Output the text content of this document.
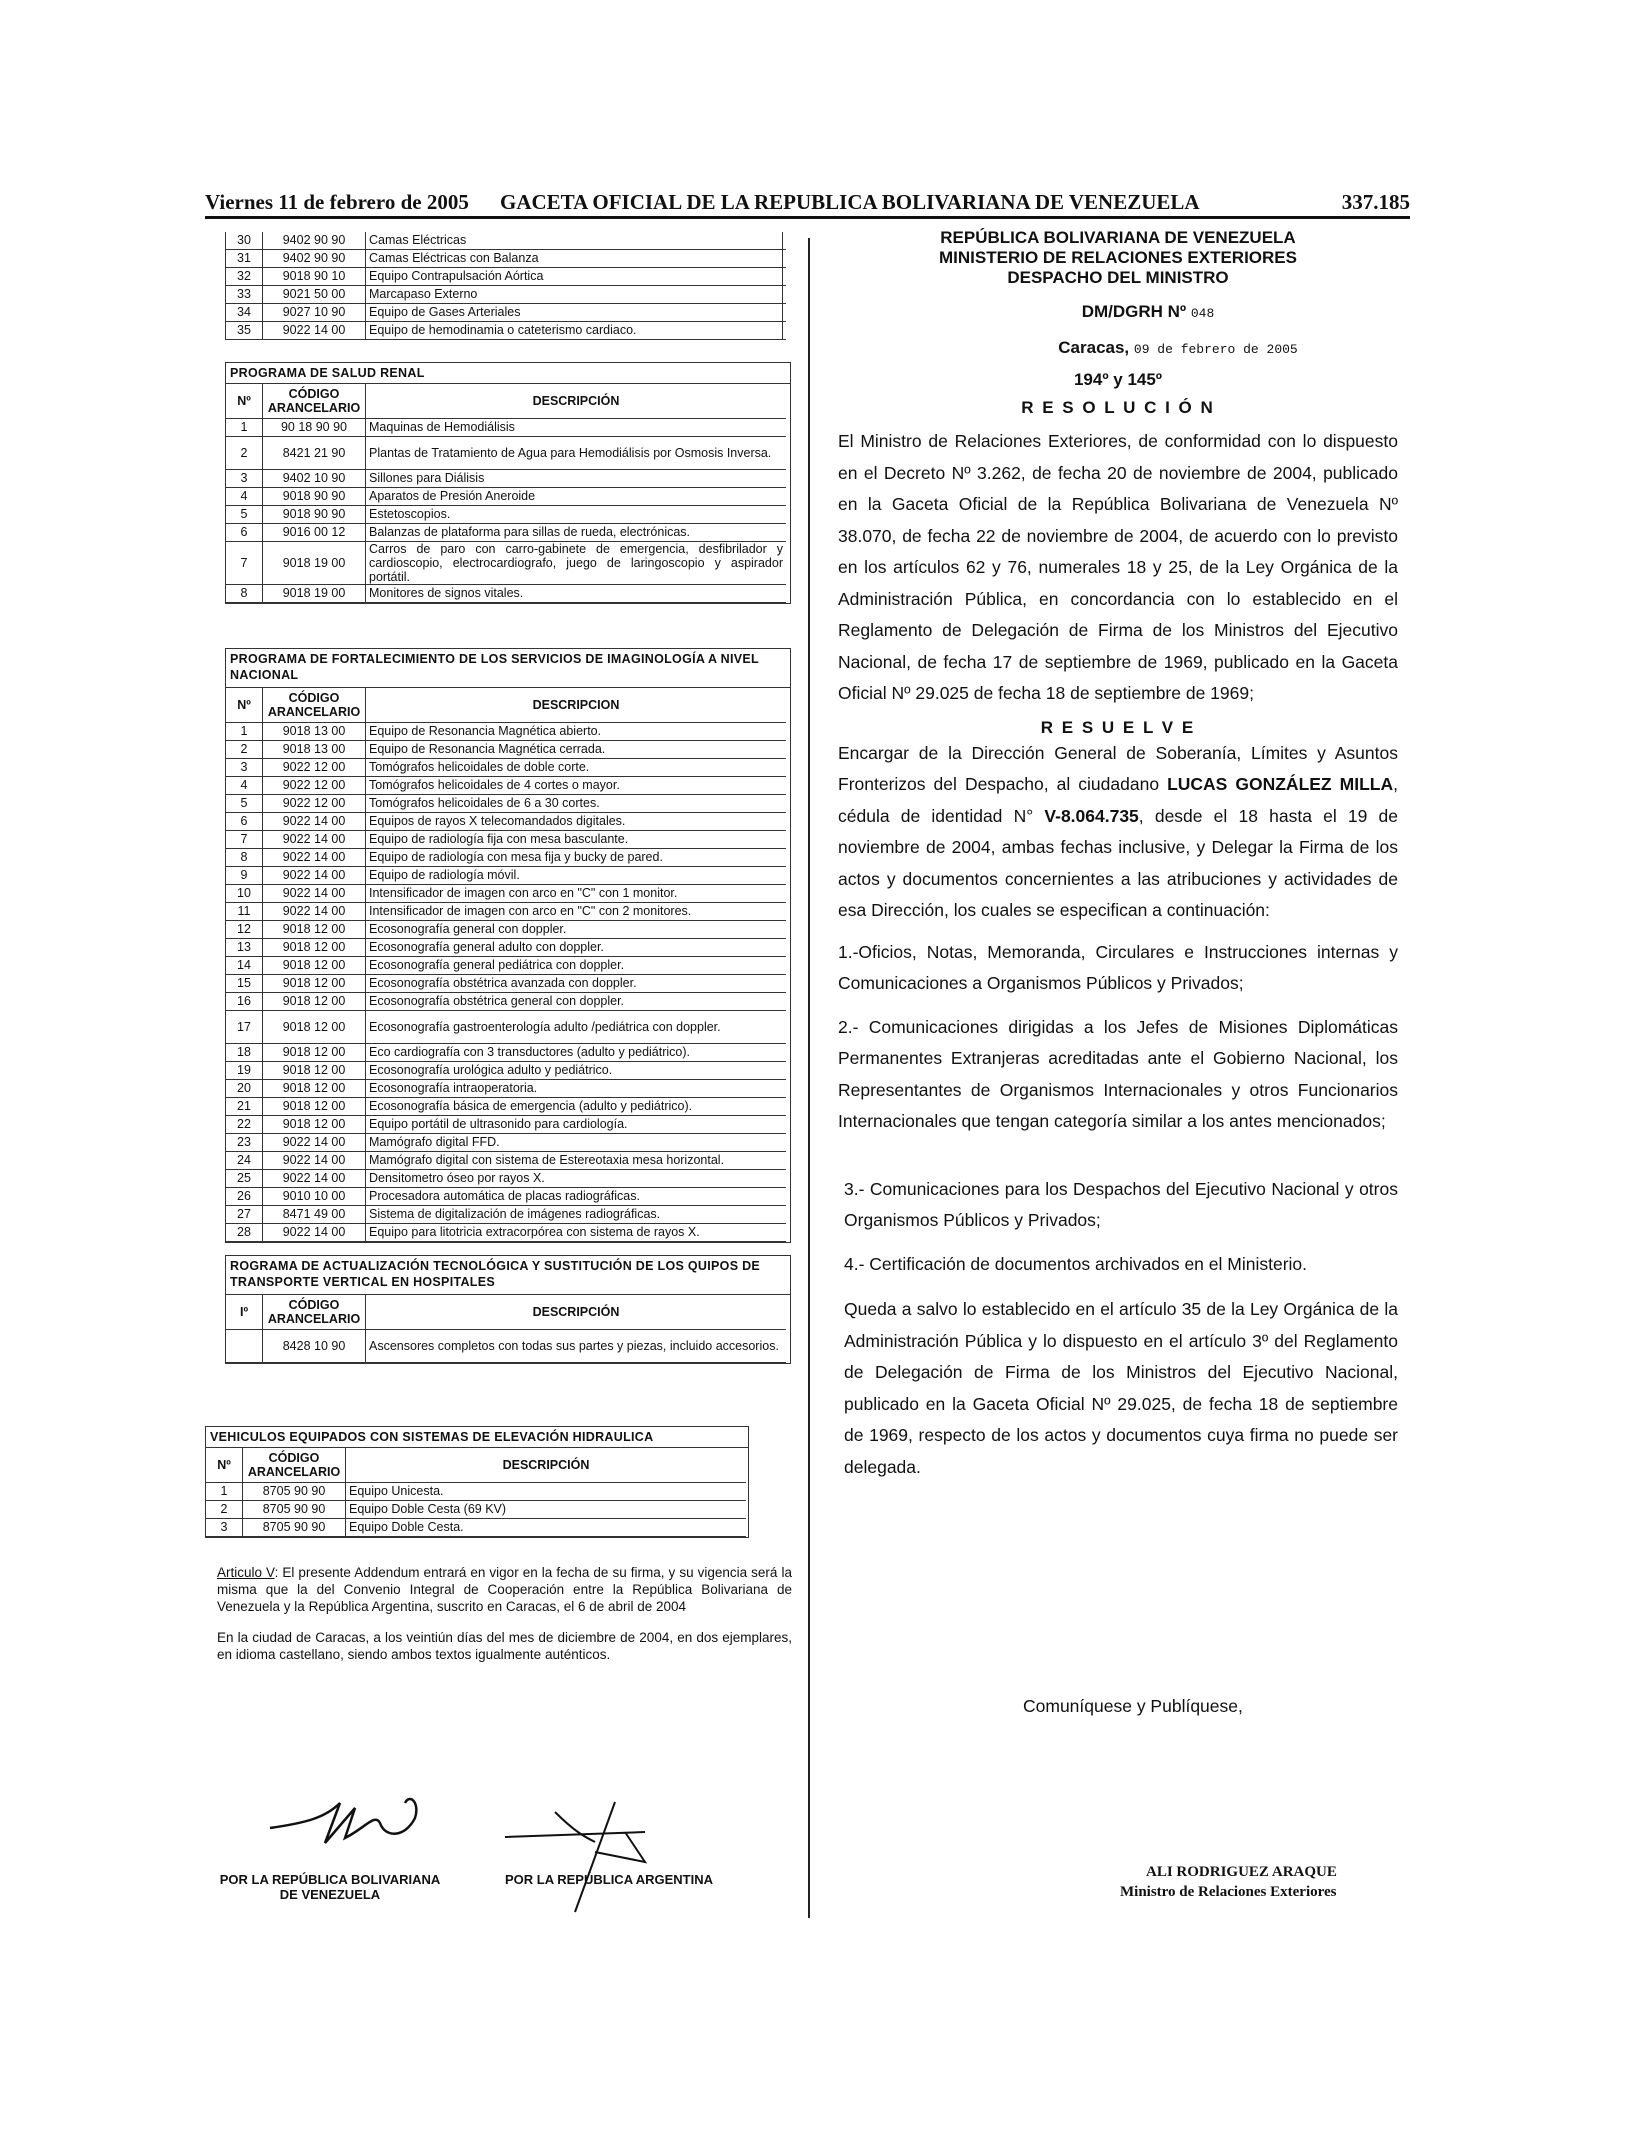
Viernes 11 de febrero de 2005 GACETA OFICIAL DE LA REPUBLICA BOLIVARIANA DE VENEZUELA	337.185
30	9402 90 90	Camas Eléctricas
31	9402 90 90	Camas Eléctricas con Balanza
32	9018 90 10	Equipo Contrapulsación Aórtica
33	9021 50 00	Marcapaso Externo
34	9027 10 90	Equipo de Gases Arteriales
35	9022 14 00	Equipo de hemodinamia o cateterismo cardiaco.
PROGRAMA DE SALUD RENAL
Nº	CÓDIGO ARANCELARIO	DESCRIPCIÓN
1	90 18 90 90	Maquinas de Hemodiálisis
2	8421 21 90	Plantas de Tratamiento de Agua para Hemodiálisis por Osmosis Inversa.
3	9402 10 90	Sillones para Diálisis
4	9018 90 90	Aparatos de Presión Aneroide
5	9018 90 90	Estetoscopios.
6	9016 00 12	Balanzas de plataforma para sillas de rueda, electrónicas.
7	9018 19 00	Carros de paro con carro-gabinete de emergencia, desfibrilador y cardioscopio, electrocardiografo, juego de laringoscopio y aspirador portátil.
8	9018 19 00	Monitores de signos vitales.
PROGRAMA DE FORTALECIMIENTO DE LOS SERVICIOS DE IMAGINOLOGÍA A NIVEL NACIONAL
Nº	CÓDIGO ARANCELARIO	DESCRIPCION
1	9018 13 00	Equipo de Resonancia Magnética abierto.
2	9018 13 00	Equipo de Resonancia Magnética cerrada.
3	9022 12 00	Tomógrafos helicoidales de doble corte.
4	9022 12 00	Tomógrafos helicoidales de 4 cortes o mayor.
5	9022 12 00	Tomógrafos helicoidales de 6 a 30 cortes.
6	9022 14 00	Equipos de rayos X telecomandados digitales.
7	9022 14 00	Equipo de radiología fija con mesa basculante.
8	9022 14 00	Equipo de radiología con mesa fija y bucky de pared.
9	9022 14 00	Equipo de radiología móvil.
10	9022 14 00	Intensificador de imagen con arco en "C" con 1 monitor.
11	9022 14 00	Intensificador de imagen con arco en "C" con 2 monitores.
12	9018 12 00	Ecosonografía general con doppler.
13	9018 12 00	Ecosonografía general adulto con doppler.
14	9018 12 00	Ecosonografía general pediátrica con doppler.
15	9018 12 00	Ecosonografía obstétrica avanzada con doppler.
16	9018 12 00	Ecosonografía obstétrica general con doppler.
17	9018 12 00	Ecosonografía gastroenterología adulto /pediátrica con doppler.
18	9018 12 00	Eco cardiografía con 3 transductores (adulto y pediátrico).
19	9018 12 00	Ecosonografía urológica adulto y pediátrico.
20	9018 12 00	Ecosonografía intraoperatoria.
21	9018 12 00	Ecosonografía básica de emergencia (adulto y pediátrico).
22	9018 12 00	Equipo portátil de ultrasonido para cardiología.
23	9022 14 00	Mamógrafo digital FFD.
24	9022 14 00	Mamógrafo digital con sistema de Estereotaxia mesa horizontal.
25	9022 14 00	Densitometro óseo por rayos X.
26	9010 10 00	Procesadora automática de placas radiográficas.
27	8471 49 00	Sistema de digitalización de imágenes radiográficas.
28	9022 14 00	Equipo para litotricia extracorpórea con sistema de rayos X.
ROGRAMA DE ACTUALIZACIÓN TECNOLÓGICA Y SUSTITUCIÓN DE LOS QUIPOS DE TRANSPORTE VERTICAL EN HOSPITALES
Iº	CÓDIGO ARANCELARIO	DESCRIPCIÓN
	8428 10 90	Ascensores completos con todas sus partes y piezas, incluido accesorios.
VEHICULOS EQUIPADOS CON SISTEMAS DE ELEVACIÓN HIDRAULICA
Nº	CÓDIGO ARANCELARIO	DESCRIPCIÓN
1	8705 90 90	Equipo Unicesta.
2	8705 90 90	Equipo Doble Cesta (69 KV)
3	8705 90 90	Equipo Doble Cesta.
Articulo V: El presente Addendum entrará en vigor en la fecha de su firma, y su vigencia será la misma que la del Convenio Integral de Cooperación entre la República Bolivariana de Venezuela y la República Argentina, suscrito en Caracas, el 6 de abril de 2004
En la ciudad de Caracas, a los veintiún días del mes de diciembre de 2004, en dos ejemplares, en idioma castellano, siendo ambos textos igualmente auténticos.
POR LA REPÚBLICA BOLIVARIANA DE VENEZUELA
POR LA REPÚBLICA ARGENTINA
REPÚBLICA BOLIVARIANA DE VENEZUELA
MINISTERIO DE RELACIONES EXTERIORES
DESPACHO DEL MINISTRO
DM/DGRH Nº 048
Caracas, 09 de febrero de 2005
194º y 145º
R E S O L U C I Ó N
El Ministro de Relaciones Exteriores, de conformidad con lo dispuesto en el Decreto Nº 3.262, de fecha 20 de noviembre de 2004, publicado en la Gaceta Oficial de la República Bolivariana de Venezuela Nº 38.070, de fecha 22 de noviembre de 2004, de acuerdo con lo previsto en los artículos 62 y 76, numerales 18 y 25, de la Ley Orgánica de la Administración Pública, en concordancia con lo establecido en el Reglamento de Delegación de Firma de los Ministros del Ejecutivo Nacional, de fecha 17 de septiembre de 1969, publicado en la Gaceta Oficial Nº 29.025 de fecha 18 de septiembre de 1969;
R E S U E L V E
Encargar de la Dirección General de Soberanía, Límites y Asuntos Fronterizos del Despacho, al ciudadano LUCAS GONZÁLEZ MILLA, cédula de identidad N° V-8.064.735, desde el 18 hasta el 19 de noviembre de 2004, ambas fechas inclusive, y Delegar la Firma de los actos y documentos concernientes a las atribuciones y actividades de esa Dirección, los cuales se especifican a continuación:
1.-Oficios, Notas, Memoranda, Circulares e Instrucciones internas y Comunicaciones a Organismos Públicos y Privados;
2.- Comunicaciones dirigidas a los Jefes de Misiones Diplomáticas Permanentes Extranjeras acreditadas ante el Gobierno Nacional, los Representantes de Organismos Internacionales y otros Funcionarios Internacionales que tengan categoría similar a los antes mencionados;
3.- Comunicaciones para los Despachos del Ejecutivo Nacional y otros Organismos Públicos y Privados;
4.- Certificación de documentos archivados en el Ministerio.
Queda a salvo lo establecido en el artículo 35 de la Ley Orgánica de la Administración Pública y lo dispuesto en el artículo 3º del Reglamento de Delegación de Firma de los Ministros del Ejecutivo Nacional, publicado en la Gaceta Oficial Nº 29.025, de fecha 18 de septiembre de 1969, respecto de los actos y documentos cuya firma no puede ser delegada.
Comuníquese y Publíquese,
ALI RODRIGUEZ ARAQUE
Ministro de Relaciones Exteriores
